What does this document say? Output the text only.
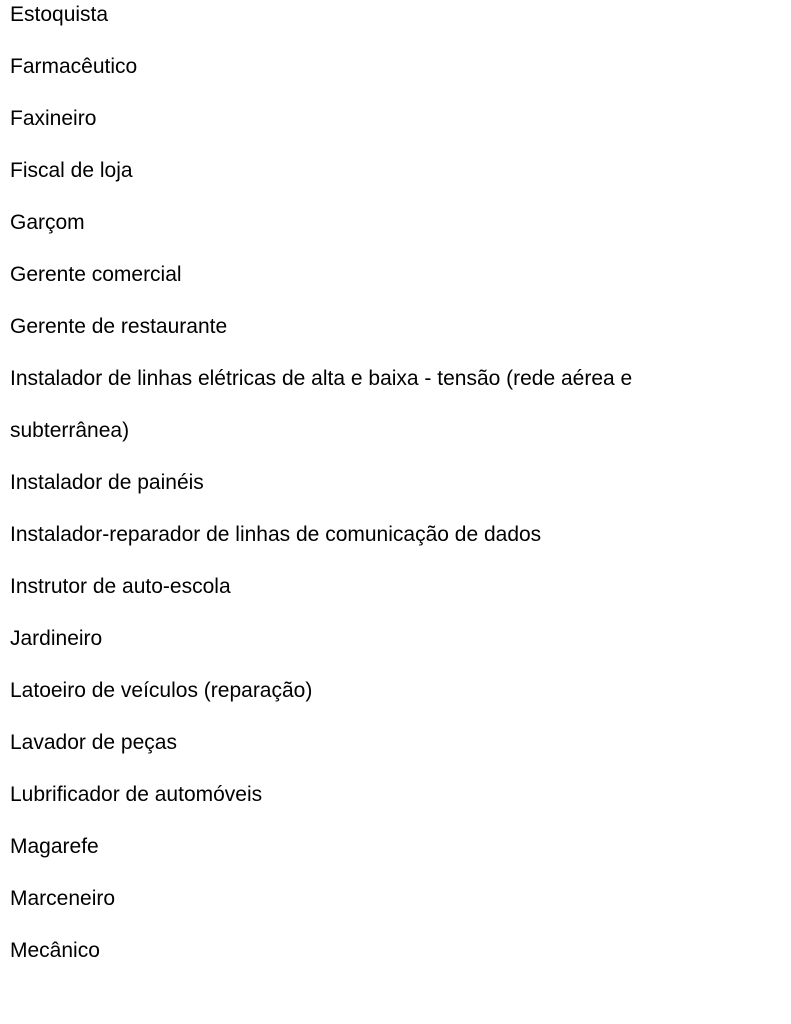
Estoquista
Farmacêutico
Faxineiro
Fiscal de loja
Garçom
Gerente comercial
Gerente de restaurante
Instalador de linhas elétricas de alta e baixa - tensão (rede aérea e subterrânea)
Instalador de painéis
Instalador-reparador de linhas de comunicação de dados
Instrutor de auto-escola
Jardineiro
Latoeiro de veículos (reparação)
Lavador de peças
Lubrificador de automóveis
Magarefe
Marceneiro
Mecânico
